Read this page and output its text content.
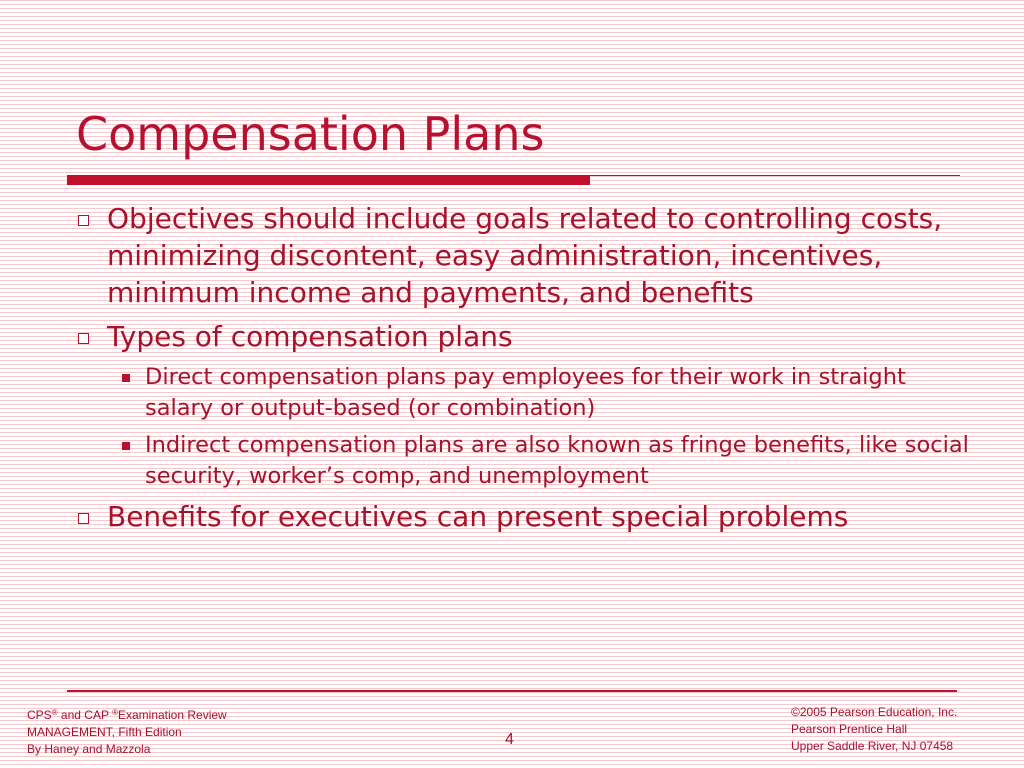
Compensation Plans
Objectives should include goals related to controlling costs, minimizing discontent, easy administration, incentives, minimum income and payments, and benefits
Types of compensation plans
Direct compensation plans pay employees for their work in straight salary or output-based (or combination)
Indirect compensation plans are also known as fringe benefits, like social security, worker’s comp, and unemployment
Benefits for executives can present special problems
CPS® and CAP ®Examination Review
MANAGEMENT, Fifth Edition
By Haney and Mazzola
©2005 Pearson Education, Inc.
Pearson Prentice Hall
Upper Saddle River, NJ 07458
4
